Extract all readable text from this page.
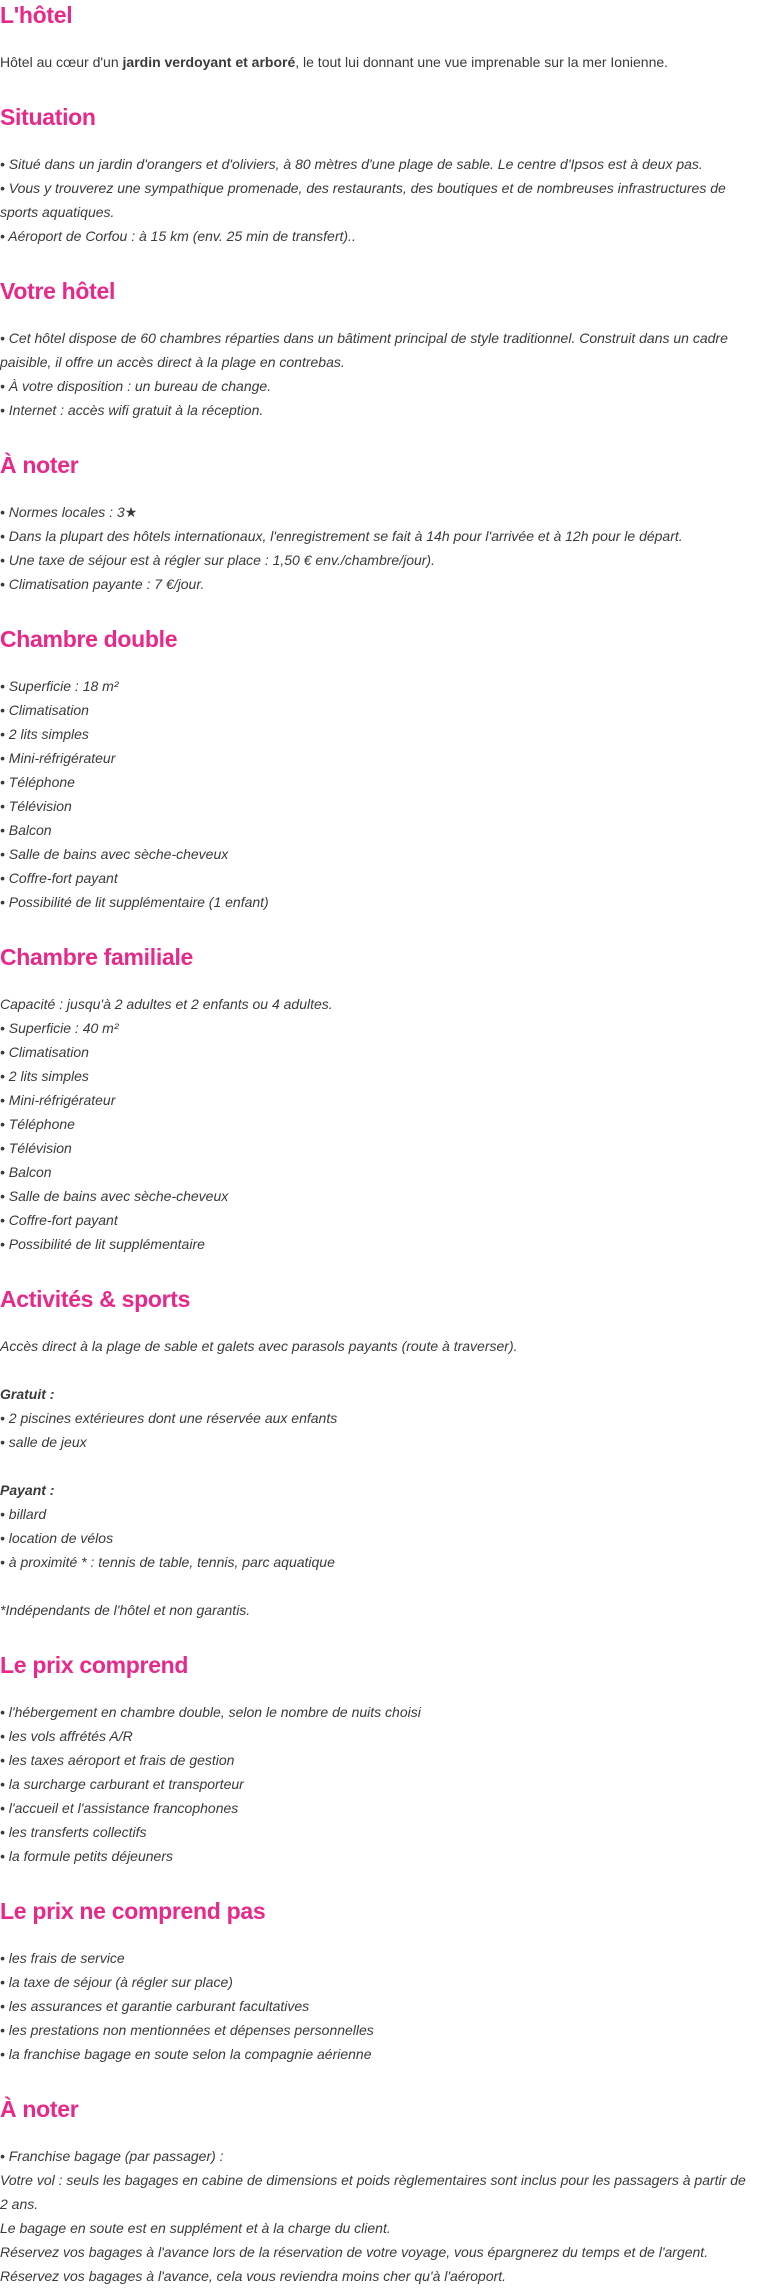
L'hôtel

Hôtel au cœur d'un jardin verdoyant et arboré, le tout lui donnant une vue imprenable sur la mer Ionienne.

Situation

• Situé dans un jardin d'orangers et d'oliviers, à 80 mètres d'une plage de sable. Le centre d'Ipsos est à deux pas.

• Vous y trouverez une sympathique promenade, des restaurants, des boutiques et de nombreuses infrastructures de sports aquatiques.

• Aéroport de Corfou : à 15 km (env. 25 min de transfert)..

Votre hôtel

• Cet hôtel dispose de 60 chambres réparties dans un bâtiment principal de style traditionnel. Construit dans un cadre paisible, il offre un accès direct à la plage en contrebas.

• À votre disposition : un bureau de change.

• Internet : accès wifi gratuit à la réception.

À noter

• Normes locales : 3★

• Dans la plupart des hôtels internationaux, l'enregistrement se fait à 14h pour l'arrivée et à 12h pour le départ.

• Une taxe de séjour est à régler sur place : 1,50 € env./chambre/jour).

• Climatisation payante : 7 €/jour.

Chambre double

• Superficie : 18 m²

• Climatisation

• 2 lits simples

• Mini-réfrigérateur

• Téléphone

• Télévision

• Balcon

• Salle de bains avec sèche-cheveux

• Coffre-fort payant

• Possibilité de lit supplémentaire (1 enfant)

Chambre familiale

Capacité : jusqu'à 2 adultes et 2 enfants ou 4 adultes.

• Superficie : 40 m²

• Climatisation

• 2 lits simples

• Mini-réfrigérateur

• Téléphone

• Télévision

• Balcon

• Salle de bains avec sèche-cheveux

• Coffre-fort payant

• Possibilité de lit supplémentaire

Activités & sports

Accès direct à la plage de sable et galets avec parasols payants (route à traverser).

Gratuit :

• 2 piscines extérieures dont une réservée aux enfants

• salle de jeux

Payant :

• billard

• location de vélos

• à proximité * : tennis de table, tennis, parc aquatique

*Indépendants de l'hôtel et non garantis.

Le prix comprend

• l'hébergement en chambre double, selon le nombre de nuits choisi

• les vols affrétés A/R

• les taxes aéroport et frais de gestion

• la surcharge carburant et transporteur

• l'accueil et l'assistance francophones

• les transferts collectifs

• la formule petits déjeuners

Le prix ne comprend pas

• les frais de service

• la taxe de séjour (à régler sur place)

• les assurances et garantie carburant facultatives

• les prestations non mentionnées et dépenses personnelles

• la franchise bagage en soute selon la compagnie aérienne

À noter

• Franchise bagage (par passager) :

Votre vol : seuls les bagages en cabine de dimensions et poids règlementaires sont inclus pour les passagers à partir de 2 ans.

Le bagage en soute est en supplément et à la charge du client.

Réservez vos bagages à l'avance lors de la réservation de votre voyage, vous épargnerez du temps et de l'argent.

Réservez vos bagages à l'avance, cela vous reviendra moins cher qu'à l'aéroport.
